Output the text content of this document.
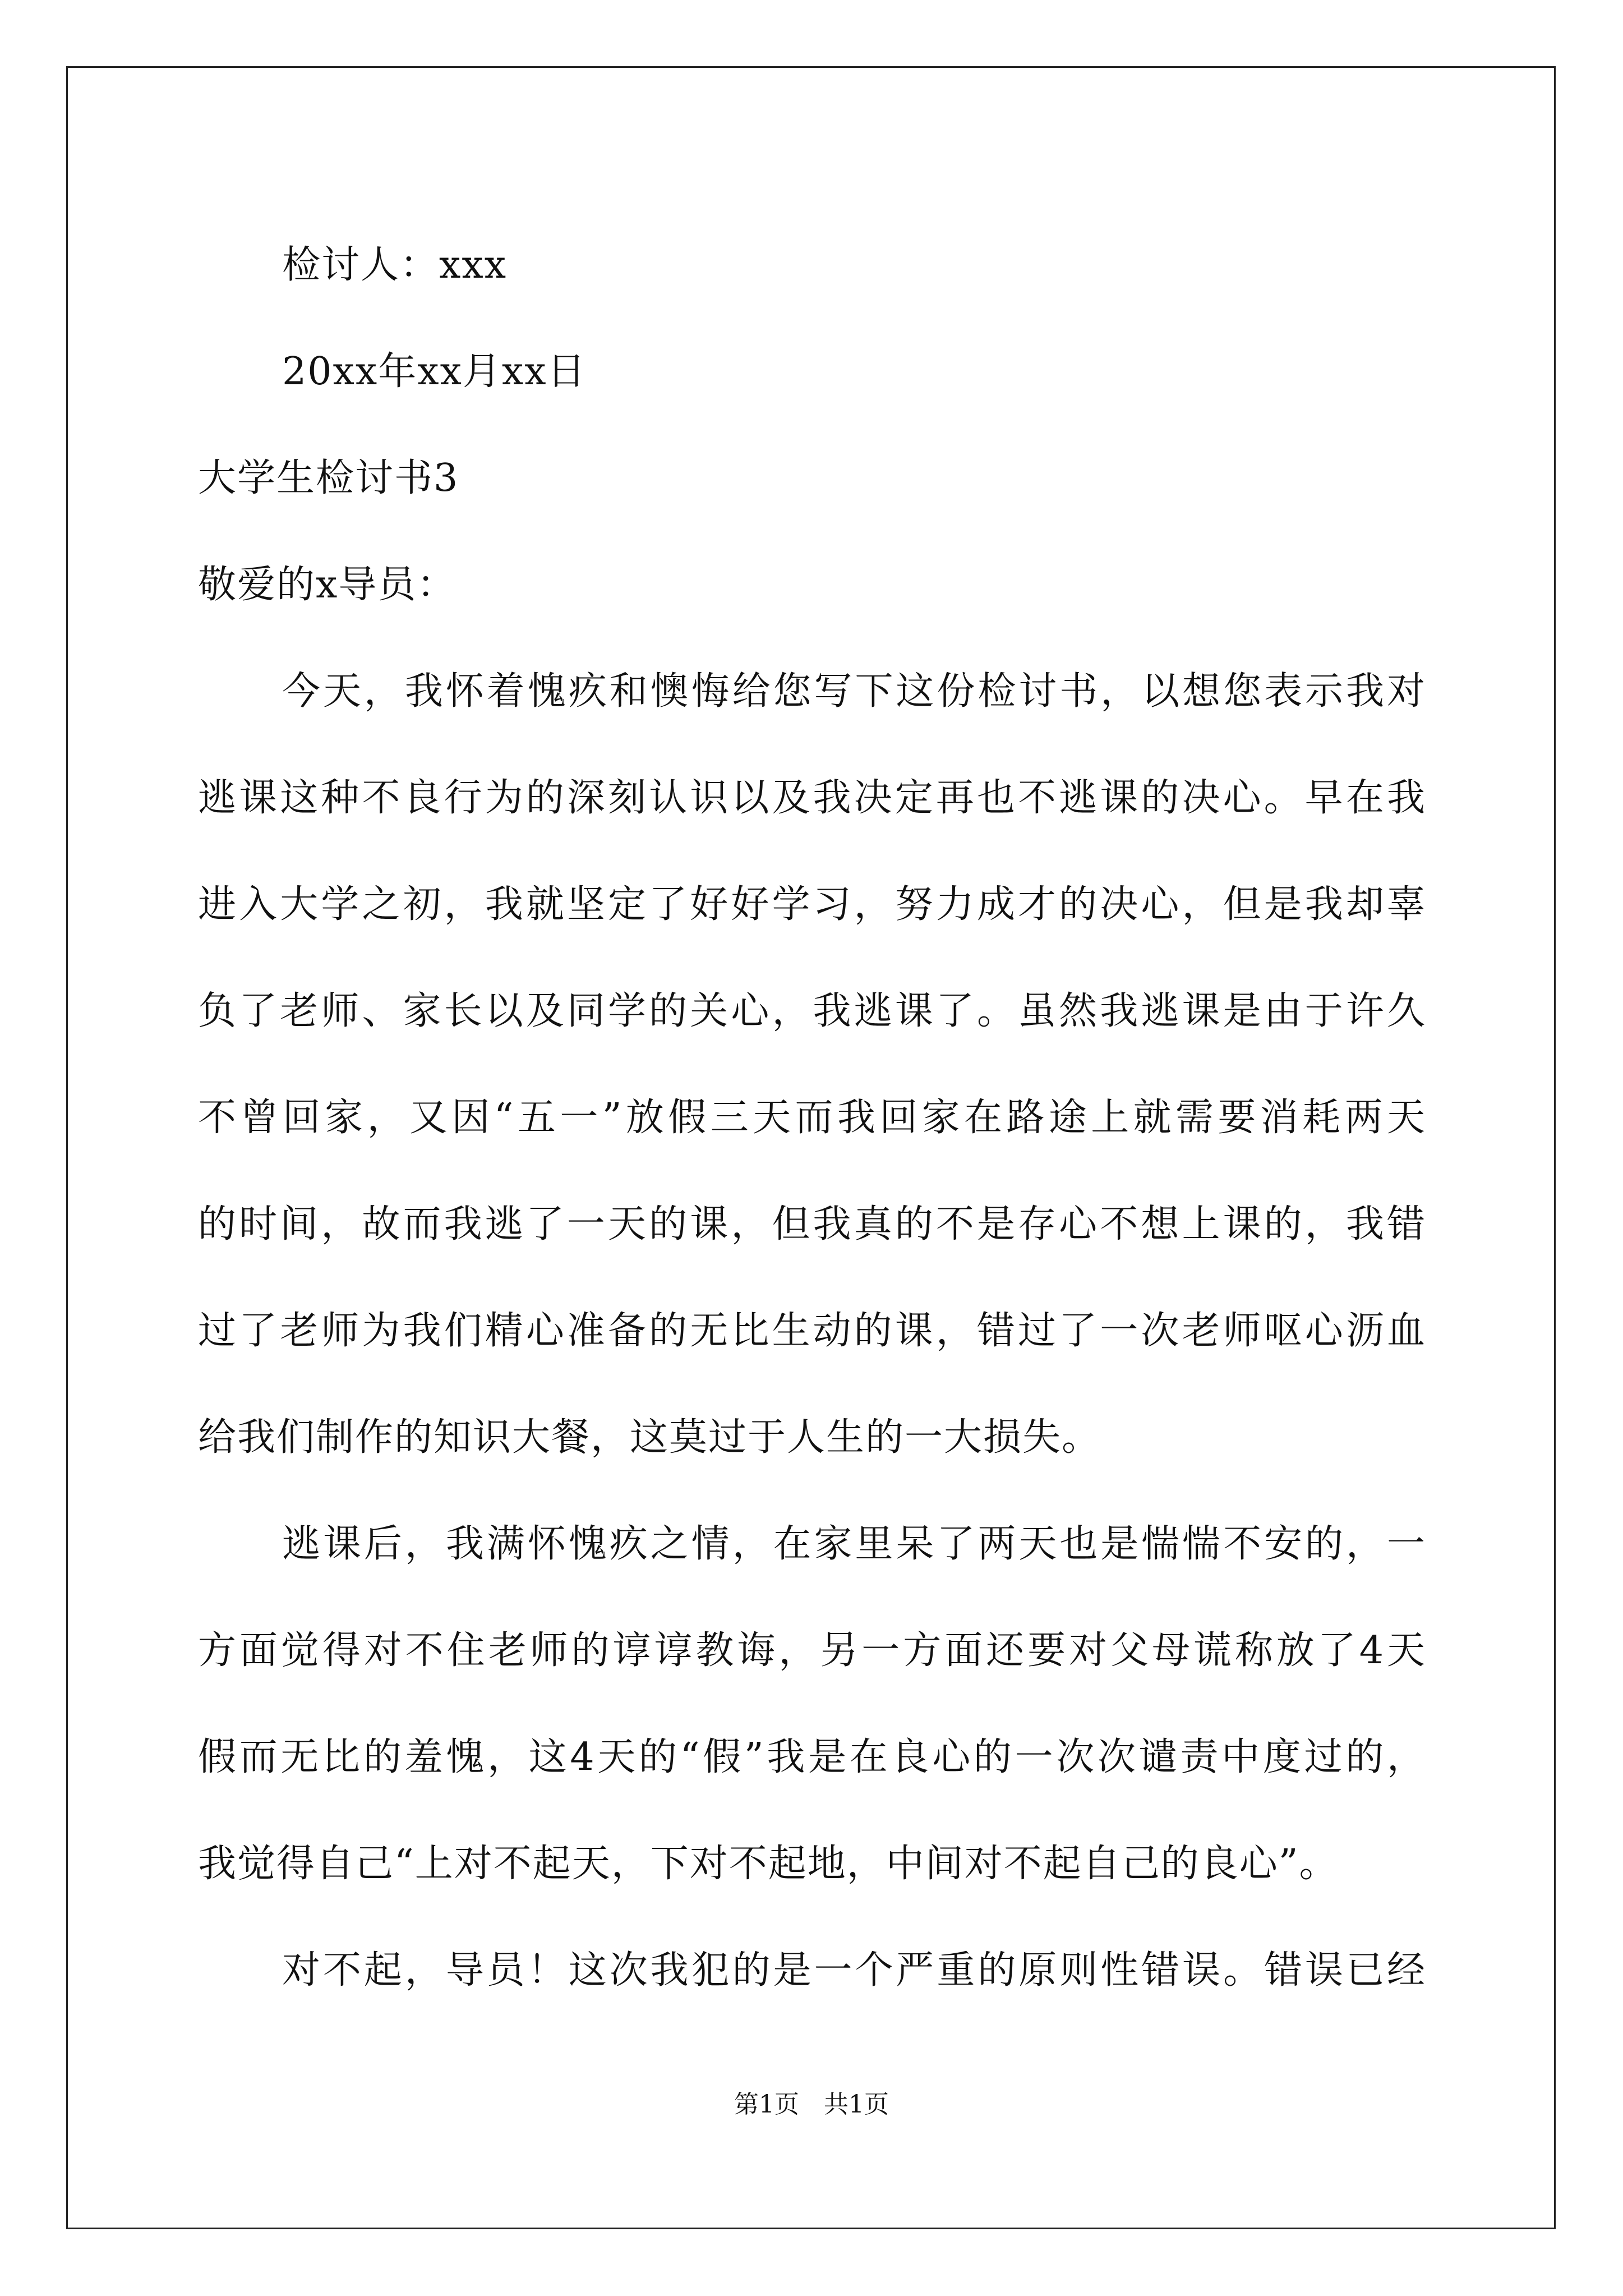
检讨人：xxx
20xx年xx月xx日
大学生检讨书3
敬爱的x导员：
今天，我怀着愧疚和懊悔给您写下这份检讨书，以想您表示我对
逃课这种不良行为的深刻认识以及我决定再也不逃课的决心。早在我
进入大学之初，我就坚定了好好学习，努力成才的决心，但是我却辜
负了老师、家长以及同学的关心，我逃课了。虽然我逃课是由于许久
不曾回家，又因“五一”放假三天而我回家在路途上就需要消耗两天
的时间，故而我逃了一天的课，但我真的不是存心不想上课的，我错
过了老师为我们精心准备的无比生动的课，错过了一次老师呕心沥血
给我们制作的知识大餐，这莫过于人生的一大损失。
逃课后，我满怀愧疚之情，在家里呆了两天也是惴惴不安的，一
方面觉得对不住老师的谆谆教诲，另一方面还要对父母谎称放了4天
假而无比的羞愧，这4天的“假”我是在良心的一次次谴责中度过的，
我觉得自己“上对不起天，下对不起地，中间对不起自己的良心”。
对不起，导员！这次我犯的是一个严重的原则性错误。错误已经
第1页　共1页
